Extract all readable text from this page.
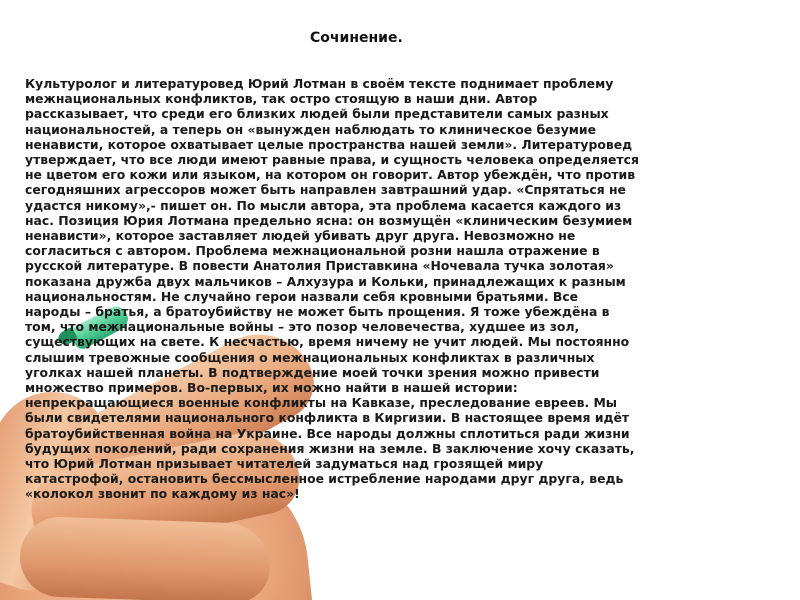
Сочинение.

Культуролог и литературовед Юрий Лотман в своём тексте поднимает проблему
межнациональных конфликтов, так остро стоящую в наши дни. Автор
рассказывает, что среди его близких людей были представители самых разных
национальностей, а теперь он «вынужден наблюдать то клиническое безумие
ненависти, которое охватывает целые пространства нашей земли». Литературовед
утверждает, что все люди имеют равные права, и сущность человека определяется
не цветом его кожи или языком, на котором он говорит. Автор убеждён, что против
сегодняшних агрессоров может быть направлен завтрашний удар. «Спрятаться не
удастся никому»,- пишет он. По мысли автора, эта проблема касается каждого из
нас. Позиция Юрия Лотмана предельно ясна: он возмущён «клиническим безумием
ненависти», которое заставляет людей убивать друг друга. Невозможно не
согласиться с автором. Проблема межнациональной розни нашла отражение в
русской литературе. В повести Анатолия Приставкина «Ночевала тучка золотая»
показана дружба двух мальчиков – Алхузура и Кольки, принадлежащих к разным
национальностям. Не случайно герои назвали себя кровными братьями. Все
народы – братья, а братоубийству не может быть прощения. Я тоже убеждёна в
том, что межнациональные войны – это позор человечества, худшее из зол,
существующих на свете. К несчастью, время ничему не учит людей. Мы постоянно
слышим тревожные сообщения о межнациональных конфликтах в различных
уголках нашей планеты. В подтверждение моей точки зрения можно привести
множество примеров. Во-первых, их можно найти в нашей истории:
непрекращающиеся военные конфликты на Кавказе, преследование евреев. Мы
были свидетелями национального конфликта в Киргизии. В настоящее время идёт
братоубийственная война на Украине. Все народы должны сплотиться ради жизни
будущих поколений, ради сохранения жизни на земле. В заключение хочу сказать,
что Юрий Лотман призывает читателей задуматься над грозящей миру
катастрофой, остановить бессмысленное истребление народами друг друга, ведь
«колокол звонит по каждому из нас»!
